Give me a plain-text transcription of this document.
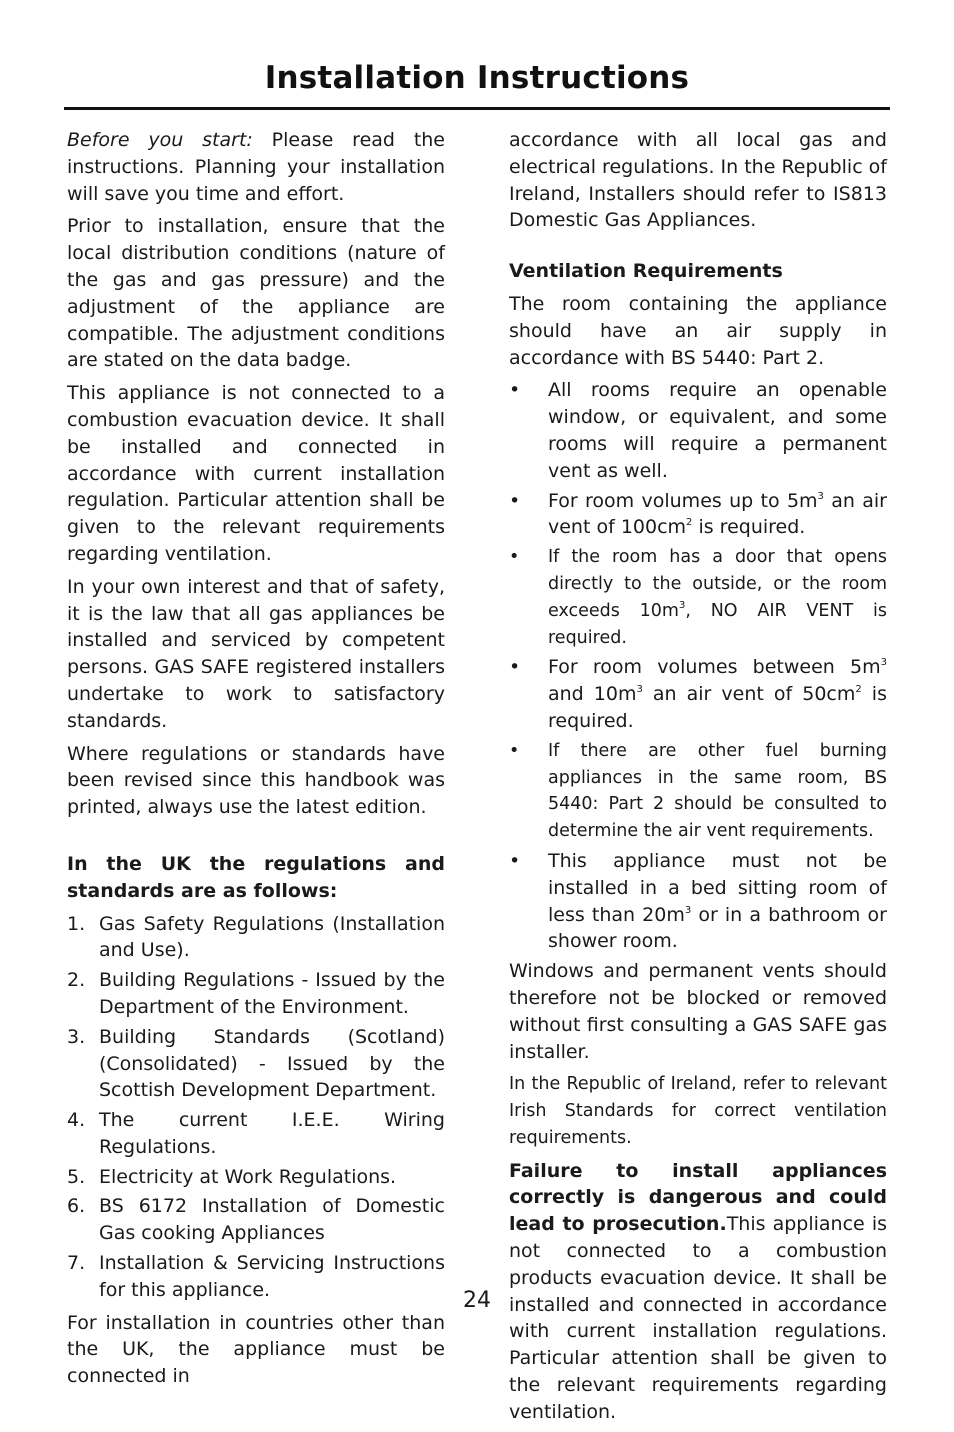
Installation Instructions

Before you start: Please read the instructions. Planning your installation will save you time and effort.

Prior to installation, ensure that the local distribution conditions (nature of the gas and gas pressure) and the adjustment of the appliance are compatible. The adjustment conditions are stated on the data badge.

This appliance is not connected to a combustion evacuation device. It shall be installed and connected in accordance with current installation regulation. Particular attention shall be given to the relevant requirements regarding ventilation.

In your own interest and that of safety, it is the law that all gas appliances be installed and serviced by competent persons. GAS SAFE registered installers undertake to work to satisfactory standards.

Where regulations or standards have been revised since this handbook was printed, always use the latest edition.

In the UK the regulations and standards are as follows:

1. Gas Safety Regulations (Installation and Use).
2. Building Regulations - Issued by the Department of the Environment.
3. Building Standards (Scotland) (Consolidated) - Issued by the Scottish Development Department.
4. The current I.E.E. Wiring Regulations.
5. Electricity at Work Regulations.
6. BS 6172 Installation of Domestic Gas cooking Appliances
7. Installation & Servicing Instructions for this appliance.

For installation in countries other than the UK, the appliance must be connected in

accordance with all local gas and electrical regulations. In the Republic of Ireland, Installers should refer to IS813 Domestic Gas Appliances.

Ventilation Requirements

The room containing the appliance should have an air supply in accordance with BS 5440: Part 2.

• All rooms require an openable window, or equivalent, and some rooms will require a permanent vent as well.
• For room volumes up to $5m^3$ an air vent of $100cm^2$ is required.
• If the room has a door that opens directly to the outside, or the room exceeds $10m^3$, NO AIR VENT is required.
• For room volumes between $5m^3$ and $10m^3$ an air vent of $50cm^2$ is required.
• If there are other fuel burning appliances in the same room, BS 5440: Part 2 should be consulted to determine the air vent requirements.
• This appliance must not be installed in a bed sitting room of less than $20m^3$ or in a bathroom or shower room.

Windows and permanent vents should therefore not be blocked or removed without first consulting a GAS SAFE gas installer.

In the Republic of Ireland, refer to relevant Irish Standards for correct ventilation requirements.

Failure to install appliances correctly is dangerous and could lead to prosecution.This appliance is not connected to a combustion products evacuation device. It shall be installed and connected in accordance with current installation regulations. Particular attention shall be given to the relevant requirements regarding ventilation.

24
